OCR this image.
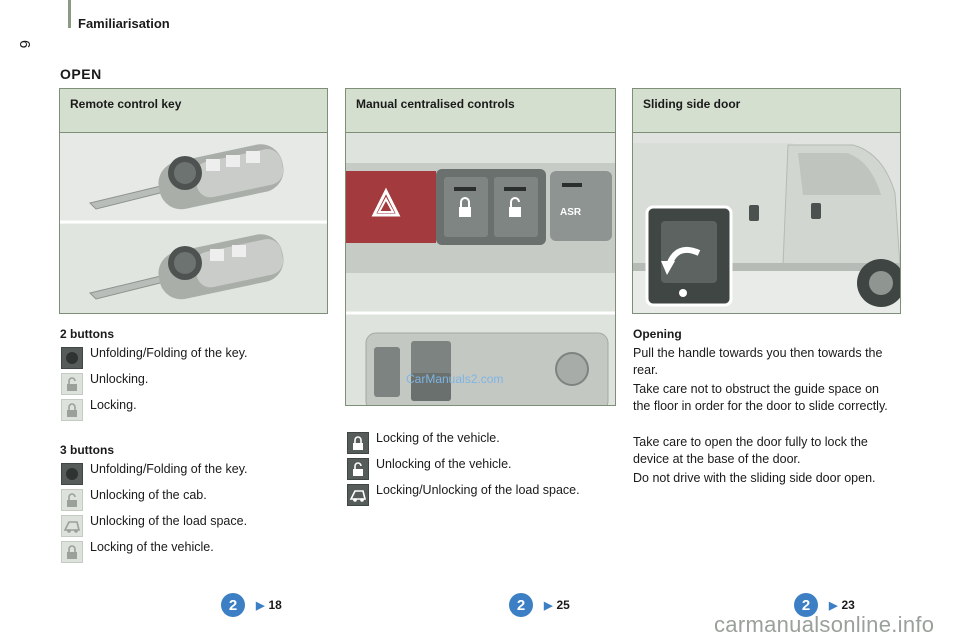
Familiarisation
6
OPEN
Remote control key	Manual centralised controls
ASR
CarManuals2.com
Sliding side door
2 buttons
Unfolding/Folding of the key.
Unlocking.
Locking.
3 buttons
Unfolding/Folding of the key.
Unlocking of the cab.
Unlocking of the load space.
Locking of the vehicle.
Locking of the vehicle.
Unlocking of the vehicle.
Locking/Unlocking of the load space.
Opening
Pull the handle towards you then towards the rear.
Take care not to obstruct the guide space on the floor in order for the door to slide correctly.
Take care to open the door fully to lock the device at the base of the door.
Do not drive with the sliding side door open.
2	▶ 18	2	▶ 25	2	▶ 23
carmanualsonline.info
